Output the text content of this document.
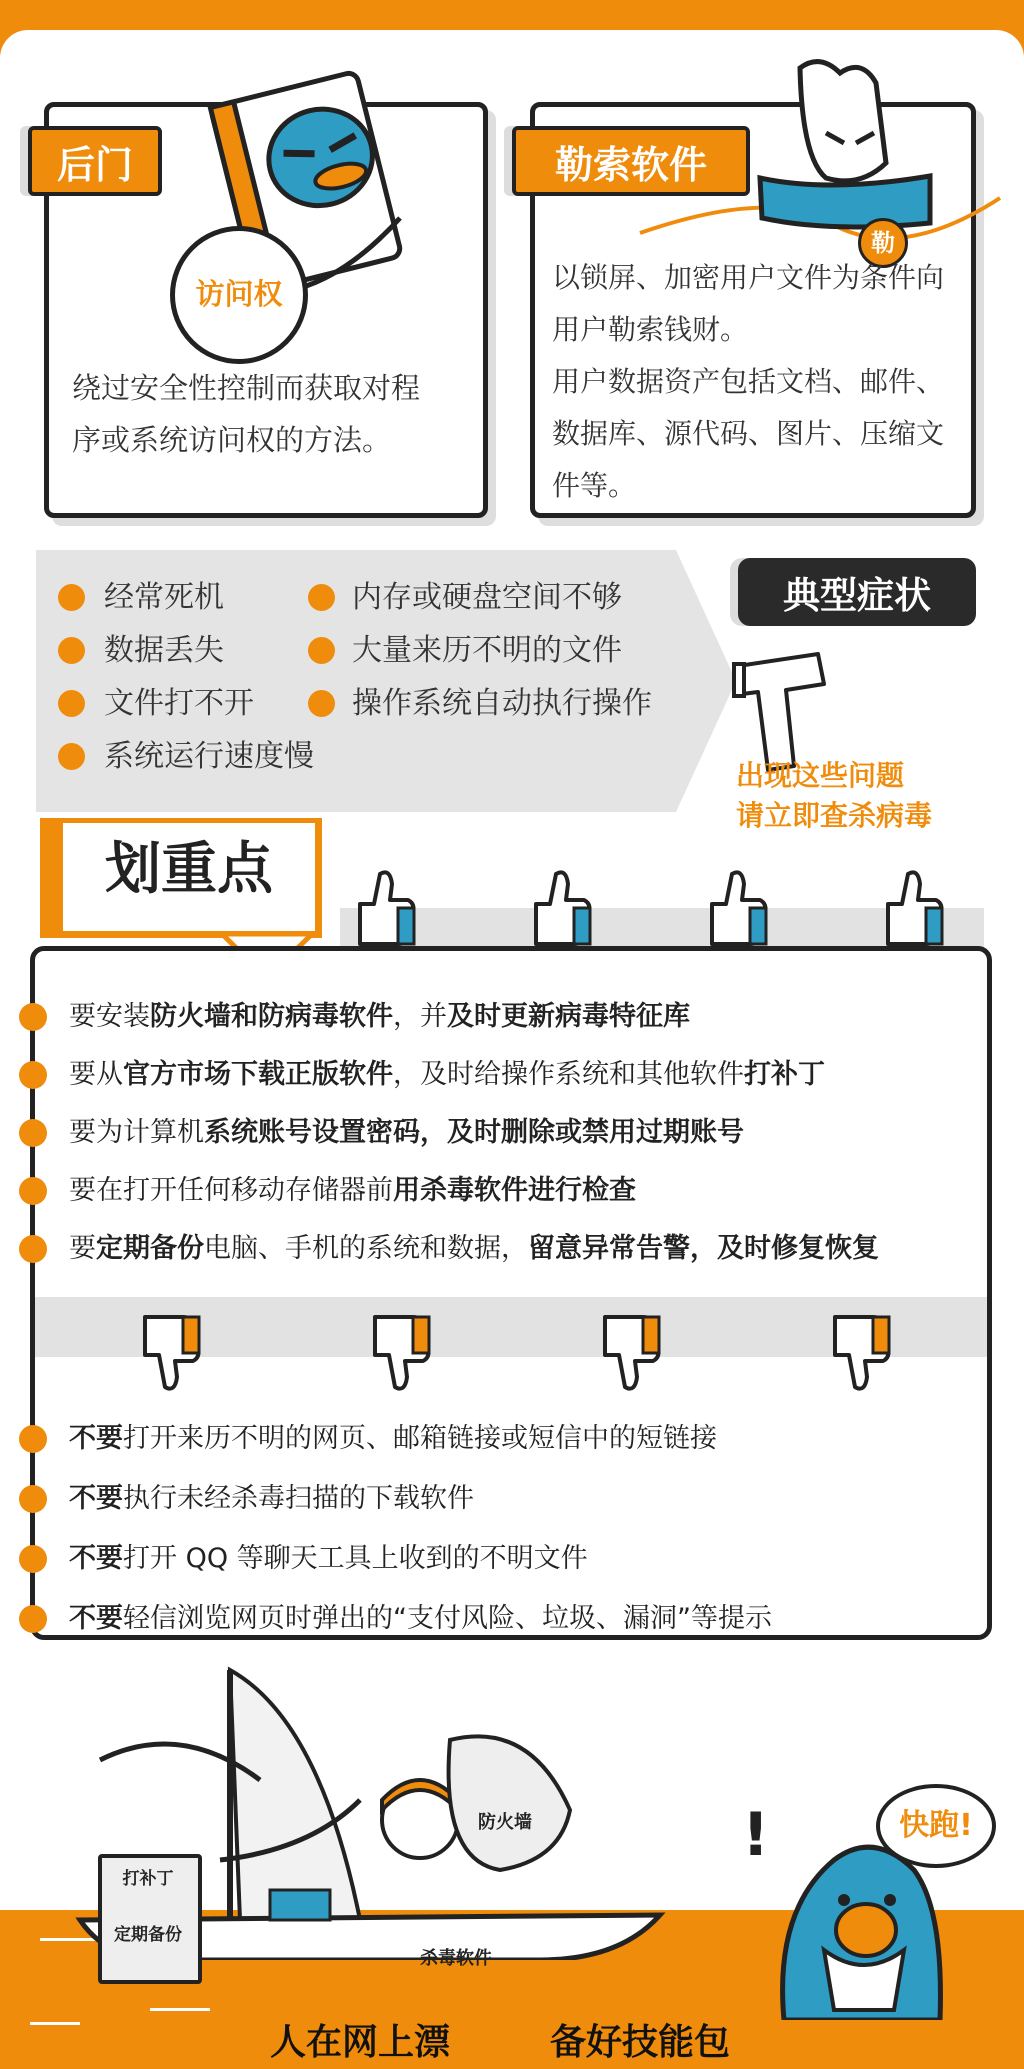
访问权
后门
绕过安全性控制而获取对程
序或系统访问权的方法。
勒
勒索软件
以锁屏、加密用户文件为条件向
用户勒索钱财。
用户数据资产包括文档、邮件、
数据库、源代码、图片、压缩文
件等。
经常死机
数据丢失
文件打不开
系统运行速度慢
内存或硬盘空间不够
大量来历不明的文件
操作系统自动执行操作
典型症状
出现这些问题
请立即查杀病毒
划重点
要安装防火墙和防病毒软件，并及时更新病毒特征库
要从官方市场下载正版软件，及时给操作系统和其他软件打补丁
要为计算机系统账号设置密码，及时删除或禁用过期账号
要在打开任何移动存储器前用杀毒软件进行检查
要定期备份电脑、手机的系统和数据，留意异常告警，及时修复恢复
不要打开来历不明的网页、邮箱链接或短信中的短链接
不要执行未经杀毒扫描的下载软件
不要打开 QQ 等聊天工具上收到的不明文件
不要轻信浏览网页时弹出的“支付风险、垃圾、漏洞”等提示
打补丁
定期备份
防火墙
杀毒软件
快跑!
!
人在网上漂	备好技能包
